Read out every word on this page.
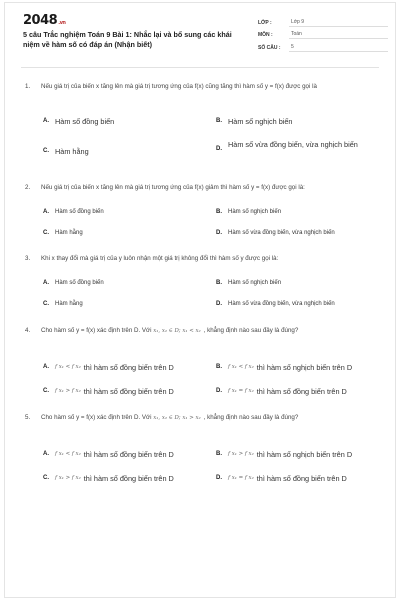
2048.vn
5 câu Trắc nghiệm Toán 9 Bài 1: Nhắc lại và bổ sung các khái niệm về hàm số có đáp án (Nhận biết)
LỚP :	Lớp 9
MÔN :	Toán
SỐ CÂU :	5
1.	Nếu giá trị của biến x tăng lên mà giá trị tương ứng của f(x) cũng tăng thì hàm số y = f(x) được gọi là
A. Hàm số đồng biến	B. Hàm số nghịch biến
C. Hàm hằng	D. Hàm số vừa đồng biến, vừa nghịch biến
2.	Nếu giá trị của biến x tăng lên mà giá trị tương ứng của f(x) giảm thì hàm số y = f(x) được gọi là:
A.	Hàm số đồng biến	B.	Hàm số nghịch biến
C.	Hàm hằng	D.	Hàm số vừa đồng biến, vừa nghịch biến
3.	Khi x thay đổi mà giá trị của y luôn nhận một giá trị không đổi thì hàm số y được gọi là:
A.	Hàm số đồng biến	B.	Hàm số nghịch biến
C.	Hàm hằng	D.	Hàm số vừa đồng biến, vừa nghịch biến
4.	Cho hàm số y = f(x) xác định trên D. Với x₁, x₂ ∈ D; x₁ < x₂ , khẳng định nào sau đây là đúng?
A.	f x₁ < f x₂ thì hàm số đồng biến trên D	B.	f x₁ < f x₂ thì hàm số nghịch biến trên D
C.	f x₁ > f x₂ thì hàm số đồng biến trên D	D.	f x₁ = f x₂ thì hàm số đồng biến trên D
5.	Cho hàm số y = f(x) xác định trên D. Với x₁, x₂ ∈ D; x₁ > x₂ , khẳng định nào sau đây là đúng?
A.	f x₁ < f x₂ thì hàm số đồng biến trên D	B.	f x₁ > f x₂ thì hàm số nghịch biến trên D
C.	f x₁ > f x₂ thì hàm số đồng biến trên D	D.	f x₁ = f x₂ thì hàm số đồng biến trên D
